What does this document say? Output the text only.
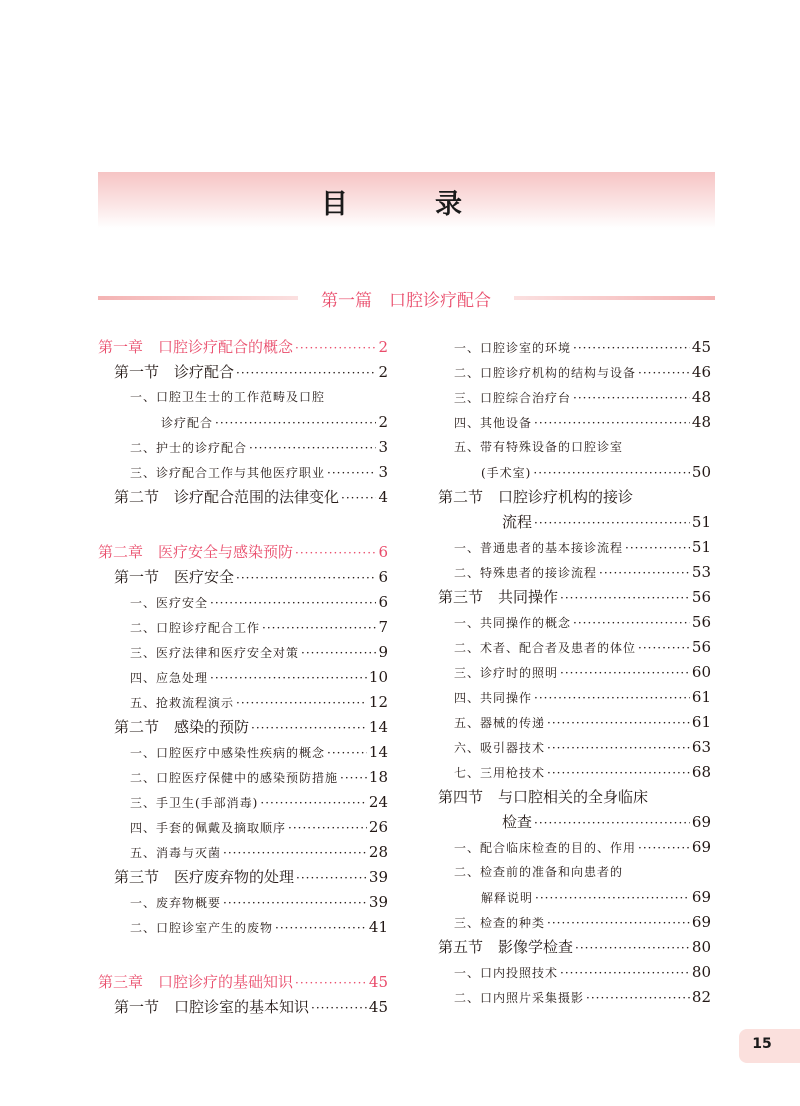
目　录
第一篇　口腔诊疗配合
第一章　口腔诊疗配合的概念 ·····	2
第一节　诊疗配合 ·····	2
一、口腔卫生士的工作范畴及口腔
诊疗配合 ·····	2
二、护士的诊疗配合 ·····	3
三、诊疗配合工作与其他医疗职业 ·····	3
第二节　诊疗配合范围的法律变化 ·····	4
第二章　医疗安全与感染预防 ·····	6
第一节　医疗安全 ·····	6
一、医疗安全 ·····	6
二、口腔诊疗配合工作 ·····	7
三、医疗法律和医疗安全对策 ·····	9
四、应急处理 ·····	10
五、抢救流程演示 ·····	12
第二节　感染的预防 ·····	14
一、口腔医疗中感染性疾病的概念 ·····	14
二、口腔医疗保健中的感染预防措施 ····· 18
三、手卫生(手部消毒) ·····	24
四、手套的佩戴及摘取顺序 ·····	26
五、消毒与灭菌 ·····	28
第三节　医疗废弃物的处理 ·····	39
一、废弃物概要 ·····	39
二、口腔诊室产生的废物 ·····	41
第三章　口腔诊疗的基础知识 ·····	45
第一节　口腔诊室的基本知识 ·····	45
一、口腔诊室的环境 ·····	45
二、口腔诊疗机构的结构与设备 ·····	46
三、口腔综合治疗台 ·····	48
四、其他设备 ·····	48
五、带有特殊设备的口腔诊室
(手术室) ·····	50
第二节　口腔诊疗机构的接诊
流程 ·····	51
一、普通患者的基本接诊流程 ·····	51
二、特殊患者的接诊流程 ·····	53
第三节　共同操作 ·····	56
一、共同操作的概念 ·····	56
二、术者、配合者及患者的体位 ·····	56
三、诊疗时的照明 ·····	60
四、共同操作 ·····	61
五、器械的传递 ·····	61
六、吸引器技术 ·····	63
七、三用枪技术 ·····	68
第四节　与口腔相关的全身临床
检查 ·····	69
一、配合临床检查的目的、作用 ·····	69
二、检查前的准备和向患者的
解释说明 ·····	69
三、检查的种类 ·····	69
第五节　影像学检查 ·····	80
一、口内投照技术 ·····	80
二、口内照片采集摄影 ·····	82
15
